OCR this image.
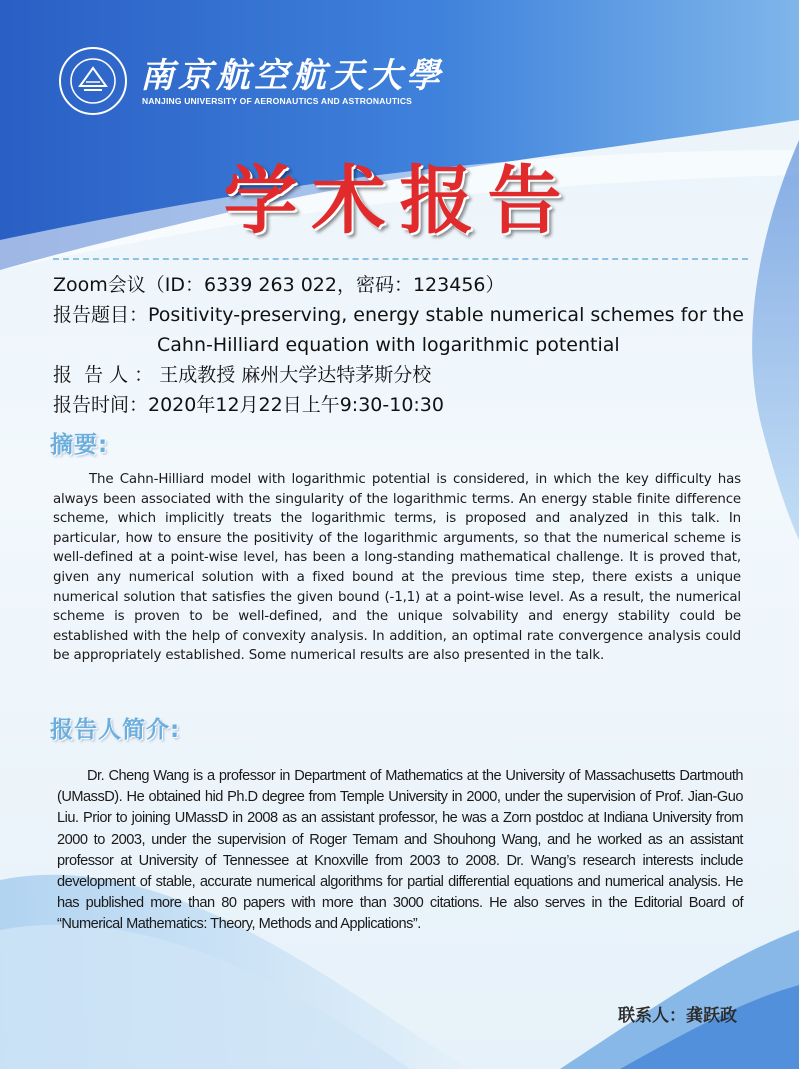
南京航空航天大學
NANJING UNIVERSITY OF AERONAUTICS AND ASTRONAUTICS
学术报告
Zoom会议（ID：6339 263 022，密码：123456）
报告题目：Positivity-preserving, energy stable numerical schemes for the
Cahn-Hilliard equation with logarithmic potential
报  告 人 ： 王成教授 麻州大学达特茅斯分校
报告时间：2020年12月22日上午9:30-10:30
摘要:
The Cahn-Hilliard model with logarithmic potential is considered, in which the key difficulty has always been associated with the singularity of the logarithmic terms. An energy stable finite difference scheme, which implicitly treats the logarithmic terms, is proposed and analyzed in this talk. In particular, how to ensure the positivity of the logarithmic arguments, so that the numerical scheme is well-defined at a point-wise level, has been a long-standing mathematical challenge. It is proved that, given any numerical solution with a fixed bound at the previous time step, there exists a unique numerical solution that satisfies the given bound (-1,1) at a point-wise level. As a result, the numerical scheme is proven to be well-defined, and the unique solvability and energy stability could be established with the help of convexity analysis. In addition, an optimal rate convergence analysis could be appropriately established. Some numerical results are also presented in the talk.
报告人简介:
Dr. Cheng Wang is a professor in Department of Mathematics at the University of Massachusetts Dartmouth (UMassD). He obtained hid Ph.D degree from Temple University in 2000, under the supervision of Prof. Jian-Guo Liu. Prior to joining UMassD in 2008 as an assistant professor, he was a Zorn postdoc at Indiana University from 2000 to 2003, under the supervision of Roger Temam and Shouhong Wang, and he worked as an assistant professor at University of Tennessee at Knoxville from 2003 to 2008. Dr. Wang’s research interests include development of stable, accurate numerical algorithms for partial differential equations and numerical analysis. He has published more than 80 papers with more than 3000 citations. He also serves in the Editorial Board of “Numerical Mathematics: Theory, Methods and Applications”.
联系人：龚跃政
